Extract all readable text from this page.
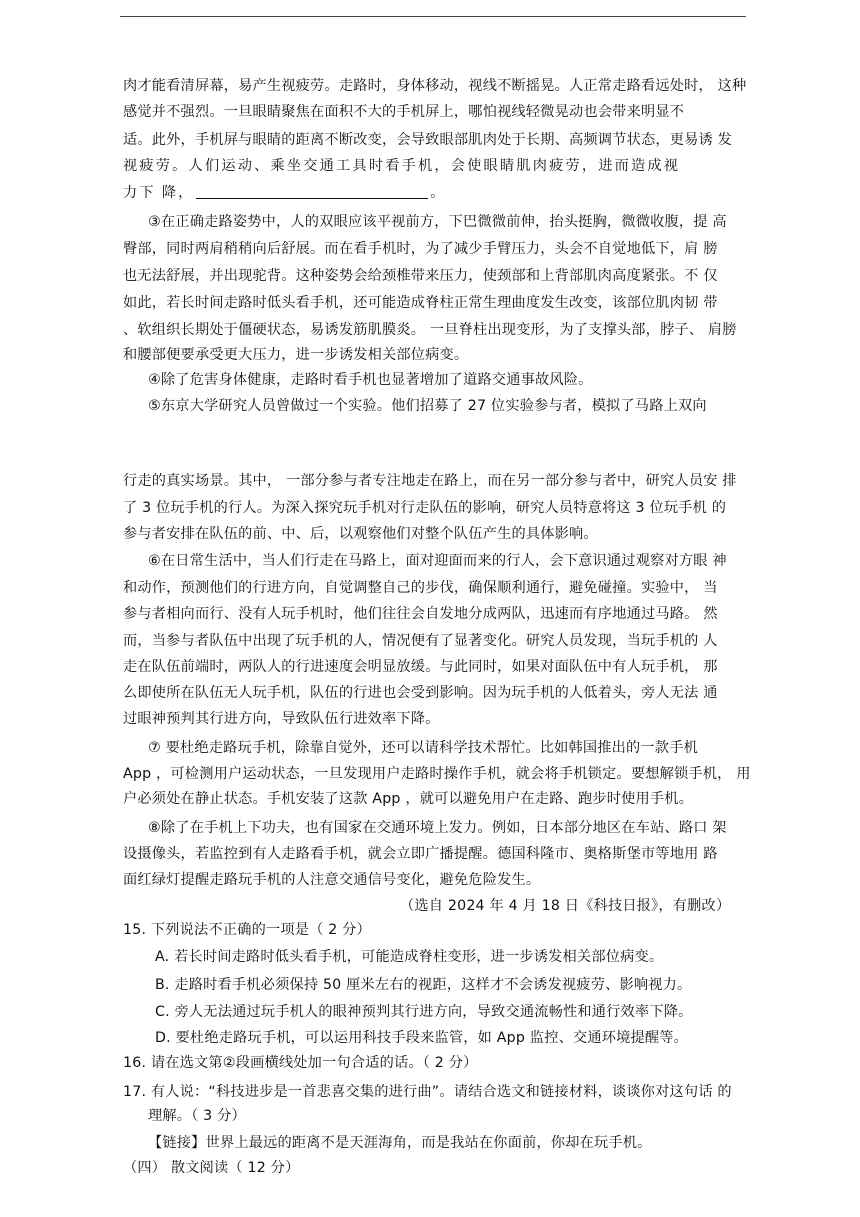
肉才能看清屏幕，易产生视疲劳。走路时，身体移动，视线不断摇晃。人正常走路看远处时， 这种
感觉并不强烈。一旦眼睛聚焦在面积不大的手机屏上，哪怕视线轻微晃动也会带来明显不
适。此外，手机屏与眼睛的距离不断改变，会导致眼部肌肉处于长期、高频调节状态，更易诱 发
视疲劳。人们运动、乘坐交通工具时看手机，会使眼睛肌肉疲劳，进而造成视
力下 降，	。
③在正确走路姿势中，人的双眼应该平视前方，下巴微微前伸，抬头挺胸，微微收腹，提 高
臀部，同时两肩稍稍向后舒展。而在看手机时，为了减少手臂压力，头会不自觉地低下，肩 膀
也无法舒展，并出现驼背。这种姿势会给颈椎带来压力，使颈部和上背部肌肉高度紧张。不 仅
如此，若长时间走路时低头看手机，还可能造成脊柱正常生理曲度发生改变，该部位肌肉韧 带
、软组织长期处于僵硬状态，易诱发筋肌膜炎。 一旦脊柱出现变形，为了支撑头部，脖子、 肩膀
和腰部便要承受更大压力，进一步诱发相关部位病变。
④除了危害身体健康，走路时看手机也显著增加了道路交通事故风险。
⑤东京大学研究人员曾做过一个实验。他们招募了 27 位实验参与者，模拟了马路上双向
行走的真实场景。其中， 一部分参与者专注地走在路上，而在另一部分参与者中，研究人员安 排
了 3 位玩手机的行人。为深入探究玩手机对行走队伍的影响，研究人员特意将这 3 位玩手机 的
参与者安排在队伍的前、中、后，以观察他们对整个队伍产生的具体影响。
⑥在日常生活中，当人们行走在马路上，面对迎面而来的行人，会下意识通过观察对方眼 神
和动作，预测他们的行进方向，自觉调整自己的步伐，确保顺利通行，避免碰撞。实验中， 当
参与者相向而行、没有人玩手机时，他们往往会自发地分成两队，迅速而有序地通过马路。 然
而，当参与者队伍中出现了玩手机的人，情况便有了显著变化。研究人员发现，当玩手机的 人
走在队伍前端时，两队人的行进速度会明显放缓。与此同时，如果对面队伍中有人玩手机， 那
么即使所在队伍无人玩手机，队伍的行进也会受到影响。因为玩手机的人低着头，旁人无法 通
过眼神预判其行进方向，导致队伍行进效率下降。
⑦ 要杜绝走路玩手机，除靠自觉外，还可以请科学技术帮忙。比如韩国推出的一款手机
App ，可检测用户运动状态，一旦发现用户走路时操作手机，就会将手机锁定。要想解锁手机， 用
户必须处在静止状态。手机安装了这款 App ，就可以避免用户在走路、跑步时使用手机。
⑧除了在手机上下功夫，也有国家在交通环境上发力。例如，日本部分地区在车站、路口 架
设摄像头，若监控到有人走路看手机，就会立即广播提醒。德国科隆市、奥格斯堡市等地用 路
面红绿灯提醒走路玩手机的人注意交通信号变化，避免危险发生。
（选自 2024 年 4 月 18 日《科技日报》，有删改）
15. 下列说法不正确的一项是（ 2 分）
A. 若长时间走路时低头看手机，可能造成脊柱变形，进一步诱发相关部位病变。
B. 走路时看手机必须保持 50 厘米左右的视距，这样才不会诱发视疲劳、影响视力。
C. 旁人无法通过玩手机人的眼神预判其行进方向，导致交通流畅性和通行效率下降。
D. 要杜绝走路玩手机，可以运用科技手段来监管，如 App 监控、交通环境提醒等。
16. 请在选文第②段画横线处加一句合适的话。（ 2 分）
17. 有人说：“科技进步是一首悲喜交集的进行曲”。请结合选文和链接材料，谈谈你对这句话 的
理解。（ 3 分）
【链接】世界上最远的距离不是天涯海角，而是我站在你面前，你却在玩手机。
（四） 散文阅读（ 12 分）
